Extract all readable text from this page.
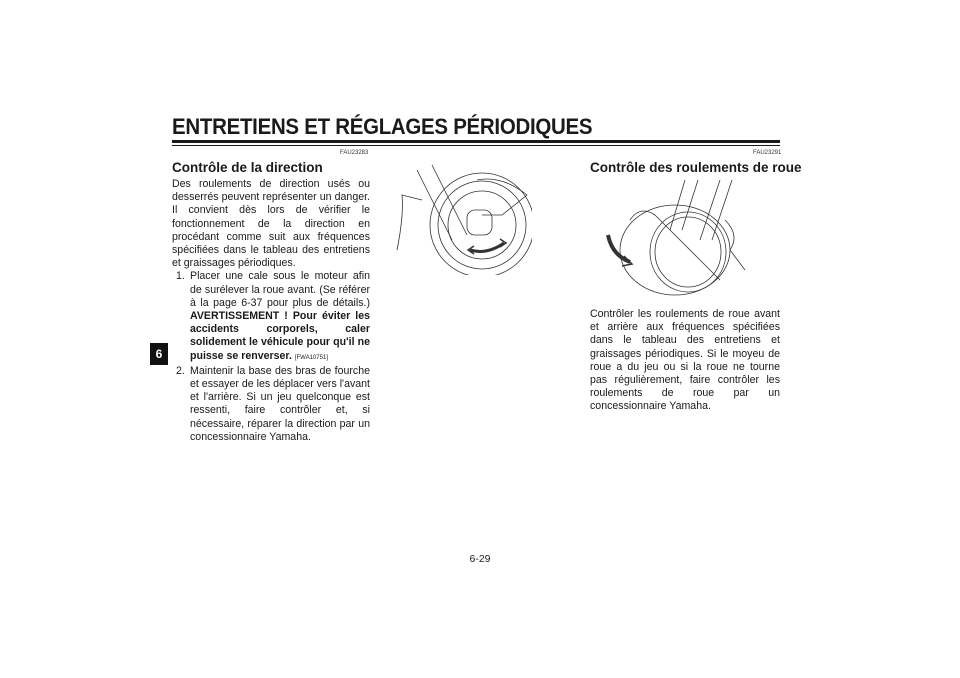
ENTRETIENS ET RÉGLAGES PÉRIODIQUES
6
FAU23283
Contrôle de la direction
Des roulements de direction usés ou desserrés peuvent représenter un danger. Il convient dès lors de vérifier le fonctionnement de la direction en procédant comme suit aux fréquences spécifiées dans le tableau des entretiens et graissages périodiques.
1. Placer une cale sous le moteur afin de surélever la roue avant. (Se référer à la page 6-37 pour plus de détails.) AVERTISSEMENT ! Pour éviter les accidents corporels, caler solidement le véhicule pour qu'il ne puisse se renverser. [FWA10751]
2. Maintenir la base des bras de fourche et essayer de les déplacer vers l'avant et l'arrière. Si un jeu quelconque est ressenti, faire contrôler et, si nécessaire, réparer la direction par un concessionnaire Yamaha.
FAU23291
Contrôle des roulements de roue
Contrôler les roulements de roue avant et arrière aux fréquences spécifiées dans le tableau des entretiens et graissages périodiques. Si le moyeu de roue a du jeu ou si la roue ne tourne pas régulièrement, faire contrôler les roulements de roue par un concessionnaire Yamaha.
6-29
